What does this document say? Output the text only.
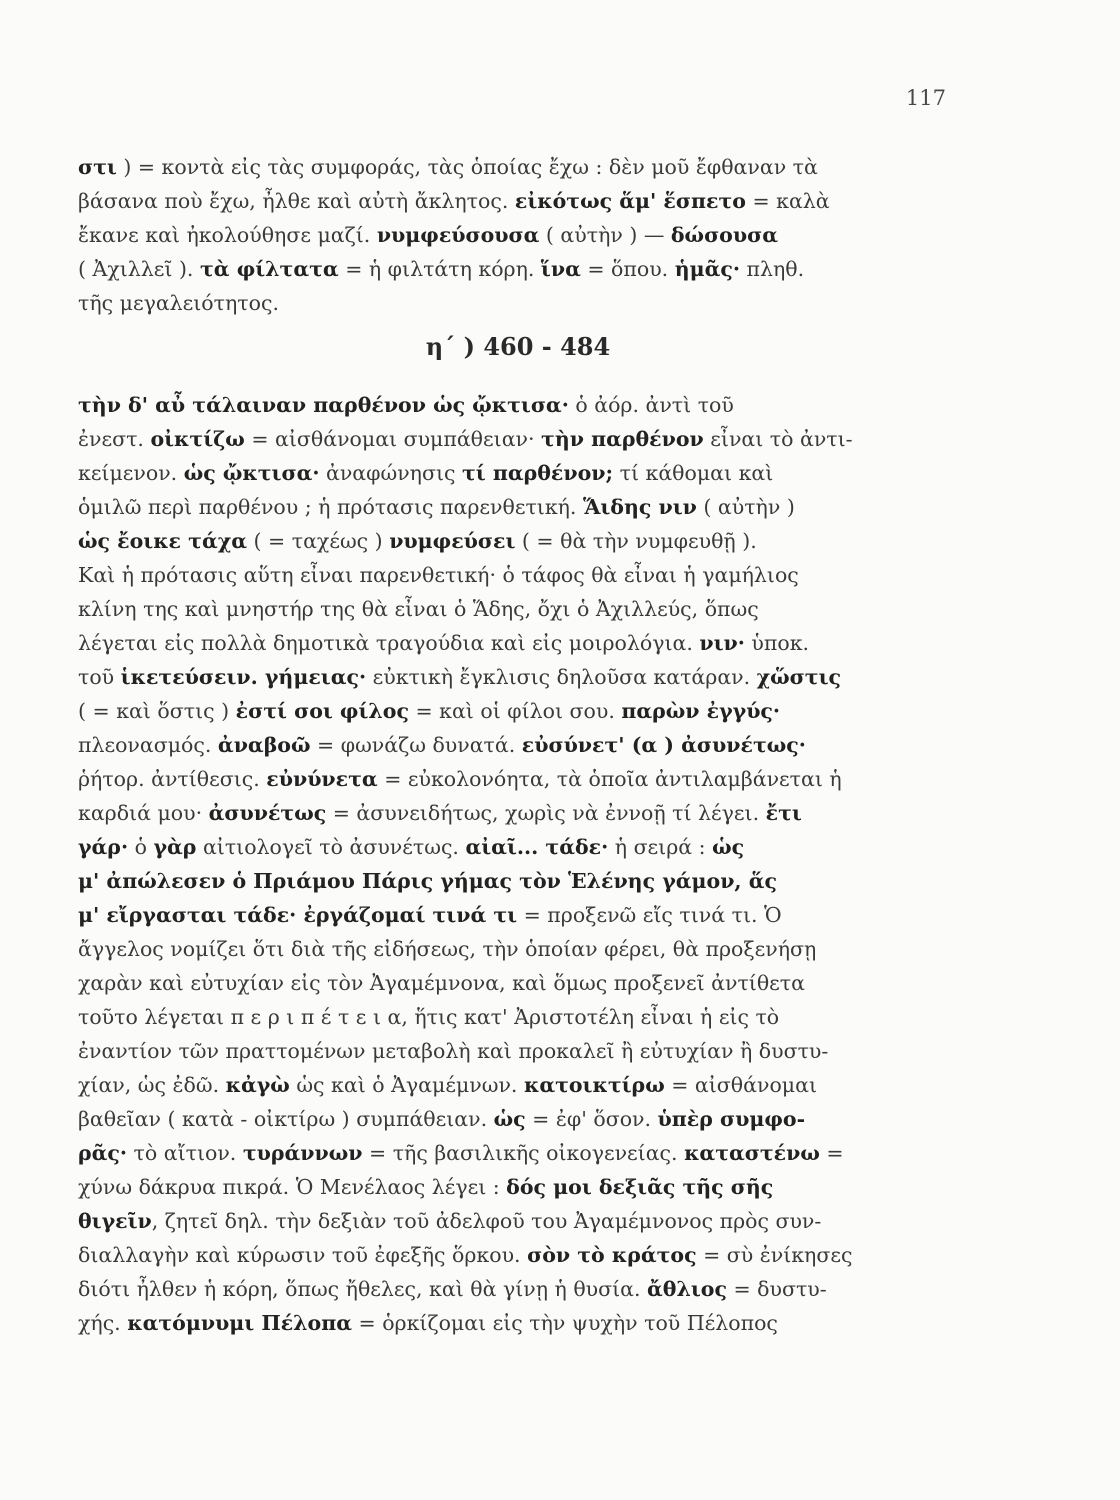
117
στι ) = κοντὰ εἰς τὰς συμφοράς, τὰς ὁποίας ἔχω : δὲν μοῦ ἔφθαναν τὰ
βάσανα ποὺ ἔχω, ἦλθε καὶ αὐτὴ ἄκλητος. εἰκότως ἅμ' ἕσπετο = καλὰ
ἔκανε καὶ ἠκολούθησε μαζί. νυμφεύσουσα ( αὐτὴν ) — δώσουσα
( Ἀχιλλεῖ ). τὰ φίλτατα = ἡ φιλτάτη κόρη. ἵνα = ὅπου. ἡμᾶς· πληθ.
τῆς μεγαλειότητος.
η΄ ) 460 - 484
τὴν δ' αὖ τάλαιναν παρθένον ὡς ᾤκτισα· ὁ ἀόρ. ἀντὶ τοῦ
ἐνεστ. οἰκτίζω = αἰσθάνομαι συμπάθειαν· τὴν παρθένον εἶναι τὸ ἀντι-
κείμενον. ὡς ᾤκτισα· ἀναφώνησις τί παρθένον; τί κάθομαι καὶ
ὁμιλῶ περὶ παρθένου ; ἡ πρότασις παρενθετική. Ἅιδης νιν ( αὐτὴν )
ὡς ἔοικε τάχα ( = ταχέως ) νυμφεύσει ( = θὰ τὴν νυμφευθῇ ).
Καὶ ἡ πρότασις αὕτη εἶναι παρενθετική· ὁ τάφος θὰ εἶναι ἡ γαμήλιος
κλίνη της καὶ μνηστήρ της θὰ εἶναι ὁ Ἅδης, ὄχι ὁ Ἀχιλλεύς, ὅπως
λέγεται εἰς πολλὰ δημοτικὰ τραγούδια καὶ εἰς μοιρολόγια. νιν· ὑποκ.
τοῦ ἱκετεύσειν. γήμειας· εὐκτικὴ ἔγκλισις δηλοῦσα κατάραν. χὥστις
( = καὶ ὅστις ) ἐστί σοι φίλος = καὶ οἱ φίλοι σου. παρὼν ἐγγύς·
πλεονασμός. ἀναβοῶ = φωνάζω δυνατά. εὐσύνετ' (α ) ἀσυνέτως·
ῥήτορ. ἀντίθεσις. εὐνύνετα = εὐκολονόητα, τὰ ὁποῖα ἀντιλαμβάνεται ἡ
καρδιά μου· ἀσυνέτως = ἀσυνειδήτως, χωρὶς νὰ ἐννοῇ τί λέγει. ἔτι
γάρ· ὁ γὰρ αἰτιολογεῖ τὸ ἀσυνέτως. αἰαῖ... τάδε· ἡ σειρά : ὡς
μ' ἀπώλεσεν ὁ Πριάμου Πάρις γήμας τὸν Ἑλένης γάμον, ἅς
μ' εἴργασται τάδε· ἐργάζομαί τινά τι = προξενῶ εἴς τινά τι. Ὁ
ἄγγελος νομίζει ὅτι διὰ τῆς εἰδήσεως, τὴν ὁποίαν φέρει, θὰ προξενήσῃ
χαρὰν καὶ εὐτυχίαν εἰς τὸν Ἀγαμέμνονα, καὶ ὅμως προξενεῖ ἀντίθετα
τοῦτο λέγεται π ε ρ ι π έ τ ε ι α, ἥτις κατ' Ἀριστοτέλη εἶναι ἡ εἰς τὸ
ἐναντίον τῶν πραττομένων μεταβολὴ καὶ προκαλεῖ ἢ εὐτυχίαν ἢ δυστυ-
χίαν, ὡς ἐδῶ. κἀγὼ ὡς καὶ ὁ Ἀγαμέμνων. κατοικτίρω = αἰσθάνομαι
βαθεῖαν ( κατὰ - οἰκτίρω ) συμπάθειαν. ὡς = ἐφ' ὅσον. ὑπὲρ συμφο-
ρᾶς· τὸ αἴτιον. τυράννων = τῆς βασιλικῆς οἰκογενείας. καταστένω =
χύνω δάκρυα πικρά. Ὁ Μενέλαος λέγει : δός μοι δεξιᾶς τῆς σῆς
θιγεῖν, ζητεῖ δηλ. τὴν δεξιὰν τοῦ ἀδελφοῦ του Ἀγαμέμνονος πρὸς συν-
διαλλαγὴν καὶ κύρωσιν τοῦ ἐφεξῆς ὅρκου. σὸν τὸ κράτος = σὺ ἐνίκησες
διότι ἦλθεν ἡ κόρη, ὅπως ἤθελες, καὶ θὰ γίνῃ ἡ θυσία. ἄθλιος = δυστυ-
χής. κατόμνυμι Πέλοπα = ὁρκίζομαι εἰς τὴν ψυχὴν τοῦ Πέλοπος
